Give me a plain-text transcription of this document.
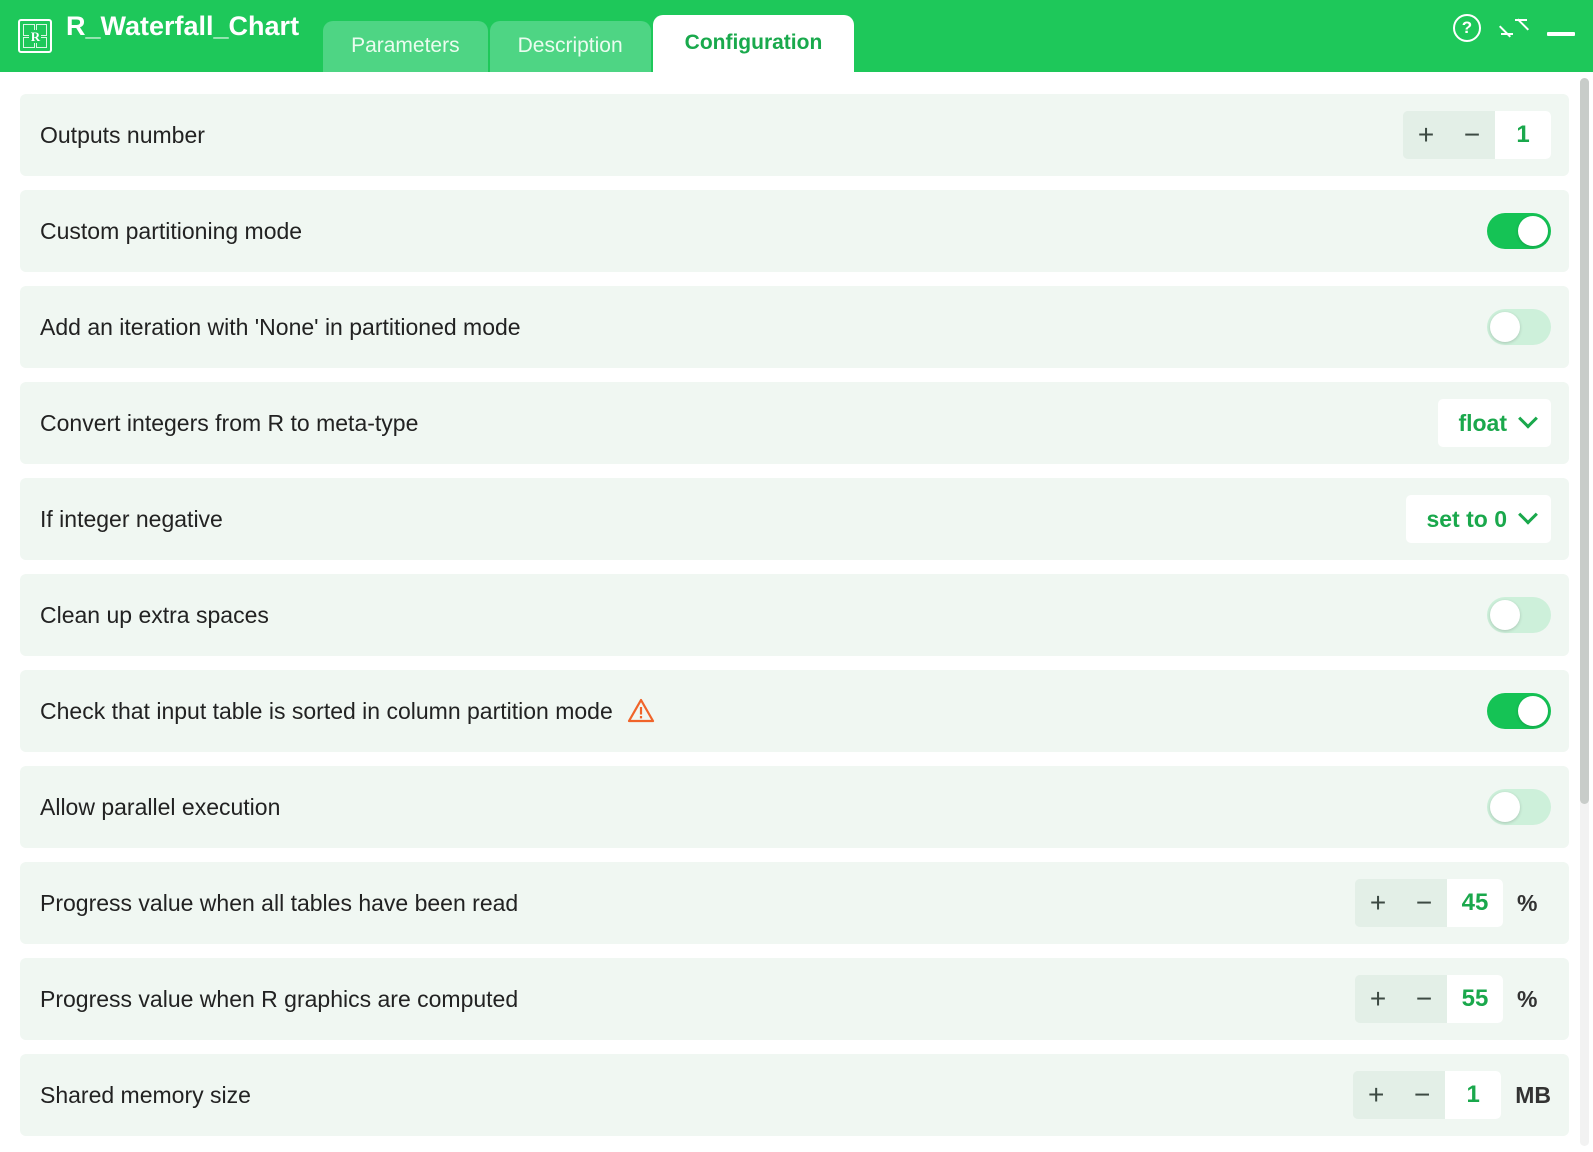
R R_Waterfall_Chart
Parameters	Description	Configuration
?
Outputs number	+	−	1
Custom partitioning mode
Add an iteration with 'None' in partitioned mode
Convert integers from R to meta-type	float
If integer negative	set to 0
Clean up extra spaces
Check that input table is sorted in column partition mode
Allow parallel execution
Progress value when all tables have been read	+	−	45	%
Progress value when R graphics are computed	+	−	55	%
Shared memory size	+	−	1	MB
